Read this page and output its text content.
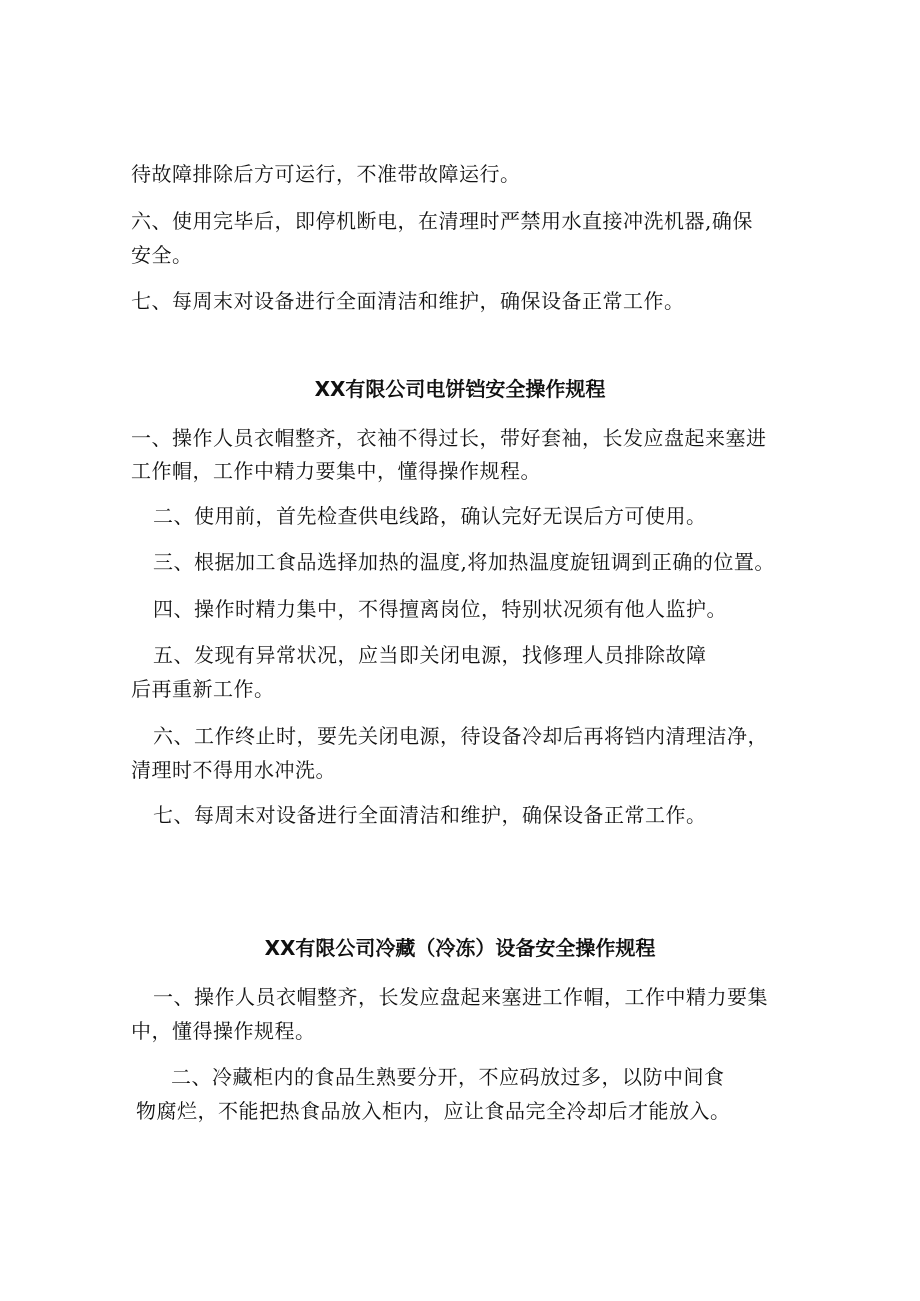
待故障排除后方可运行，不准带故障运行。
六、使用完毕后，即停机断电，在清理时严禁用水直接冲洗机器,确保
安全。
七、每周末对设备进行全面清洁和维护，确保设备正常工作。
XX有限公司电饼铛安全操作规程
一、操作人员衣帽整齐，衣袖不得过长，带好套袖，长发应盘起来塞进
工作帽，工作中精力要集中，懂得操作规程。
二、使用前，首先检查供电线路，确认完好无误后方可使用。
三、根据加工食品选择加热的温度,将加热温度旋钮调到正确的位置。
四、操作时精力集中，不得擅离岗位，特别状况须有他人监护。
五、发现有异常状况，应当即关闭电源，找修理人员排除故障
后再重新工作。
六、工作终止时，要先关闭电源，待设备冷却后再将铛内清理洁净，
清理时不得用水冲洗。
七、每周末对设备进行全面清洁和维护，确保设备正常工作。
XX有限公司冷藏（冷冻）设备安全操作规程
一、操作人员衣帽整齐，长发应盘起来塞进工作帽，工作中精力要集
中，懂得操作规程。
二、冷藏柜内的食品生熟要分开，不应码放过多，以防中间食
物腐烂，不能把热食品放入柜内，应让食品完全冷却后才能放入。
